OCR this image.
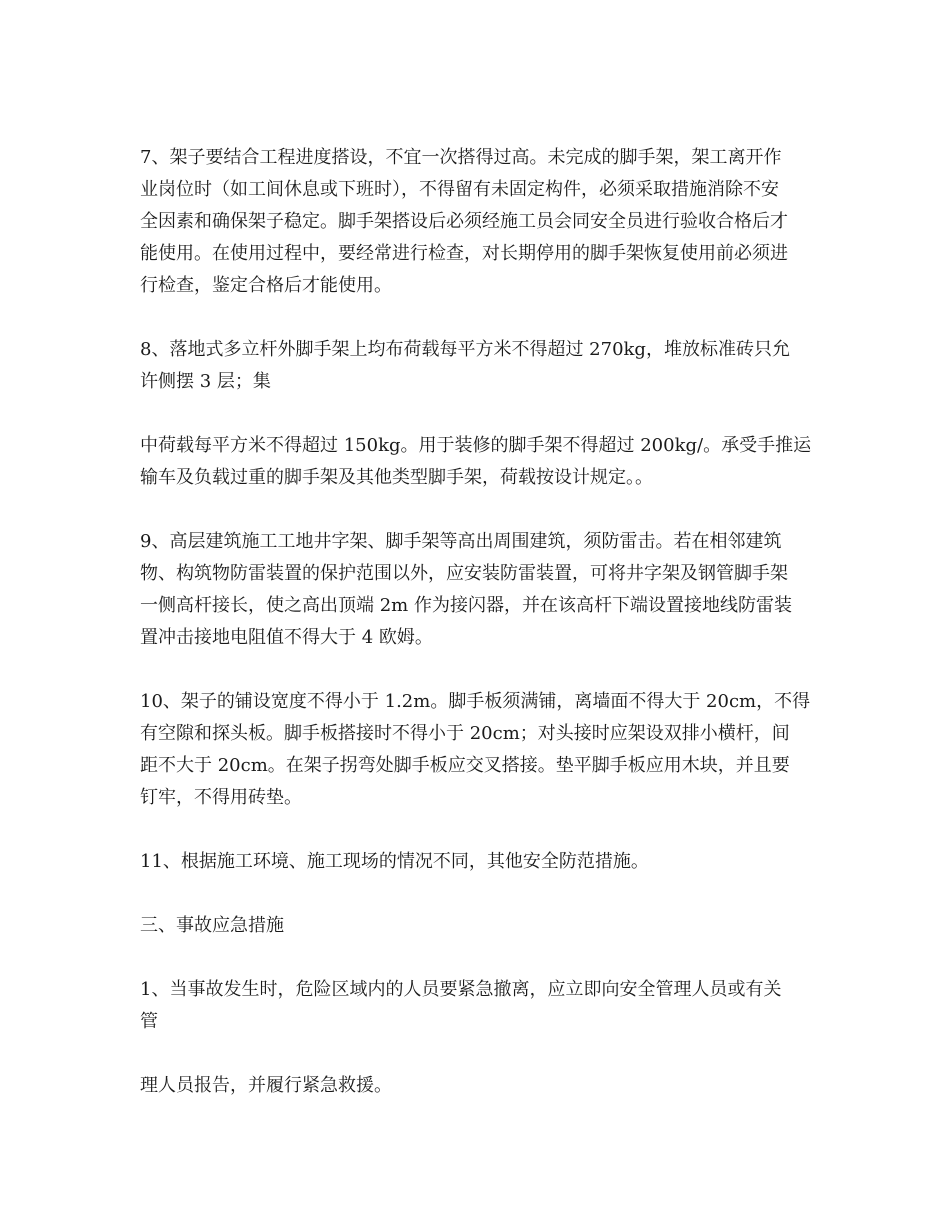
7、架子要结合工程进度搭设，不宜一次搭得过高。未完成的脚手架，架工离开作

业岗位时（如工间休息或下班时），不得留有未固定构件，必须采取措施消除不安

全因素和确保架子稳定。脚手架搭设后必须经施工员会同安全员进行验收合格后才

能使用。在使用过程中，要经常进行检查，对长期停用的脚手架恢复使用前必须进

行检查，鉴定合格后才能使用。

8、落地式多立杆外脚手架上均布荷载每平方米不得超过 270kg，堆放标准砖只允

许侧摆 3 层；集

中荷载每平方米不得超过 150kg。用于装修的脚手架不得超过 200kg/。承受手推运

输车及负载过重的脚手架及其他类型脚手架，荷载按设计规定。。

9、高层建筑施工工地井字架、脚手架等高出周围建筑，须防雷击。若在相邻建筑

物、构筑物防雷装置的保护范围以外，应安装防雷装置，可将井字架及钢管脚手架

一侧高杆接长，使之高出顶端 2m 作为接闪器，并在该高杆下端设置接地线防雷装

置冲击接地电阻值不得大于 4 欧姆。

10、架子的铺设宽度不得小于 1.2m。脚手板须满铺，离墙面不得大于 20cm，不得

有空隙和探头板。脚手板搭接时不得小于 20cm；对头接时应架设双排小横杆，间

距不大于 20cm。在架子拐弯处脚手板应交叉搭接。垫平脚手板应用木块，并且要

钉牢，不得用砖垫。

11、根据施工环境、施工现场的情况不同，其他安全防范措施。

三、事故应急措施

1、当事故发生时，危险区域内的人员要紧急撤离，应立即向安全管理人员或有关

管

理人员报告，并履行紧急救援。
